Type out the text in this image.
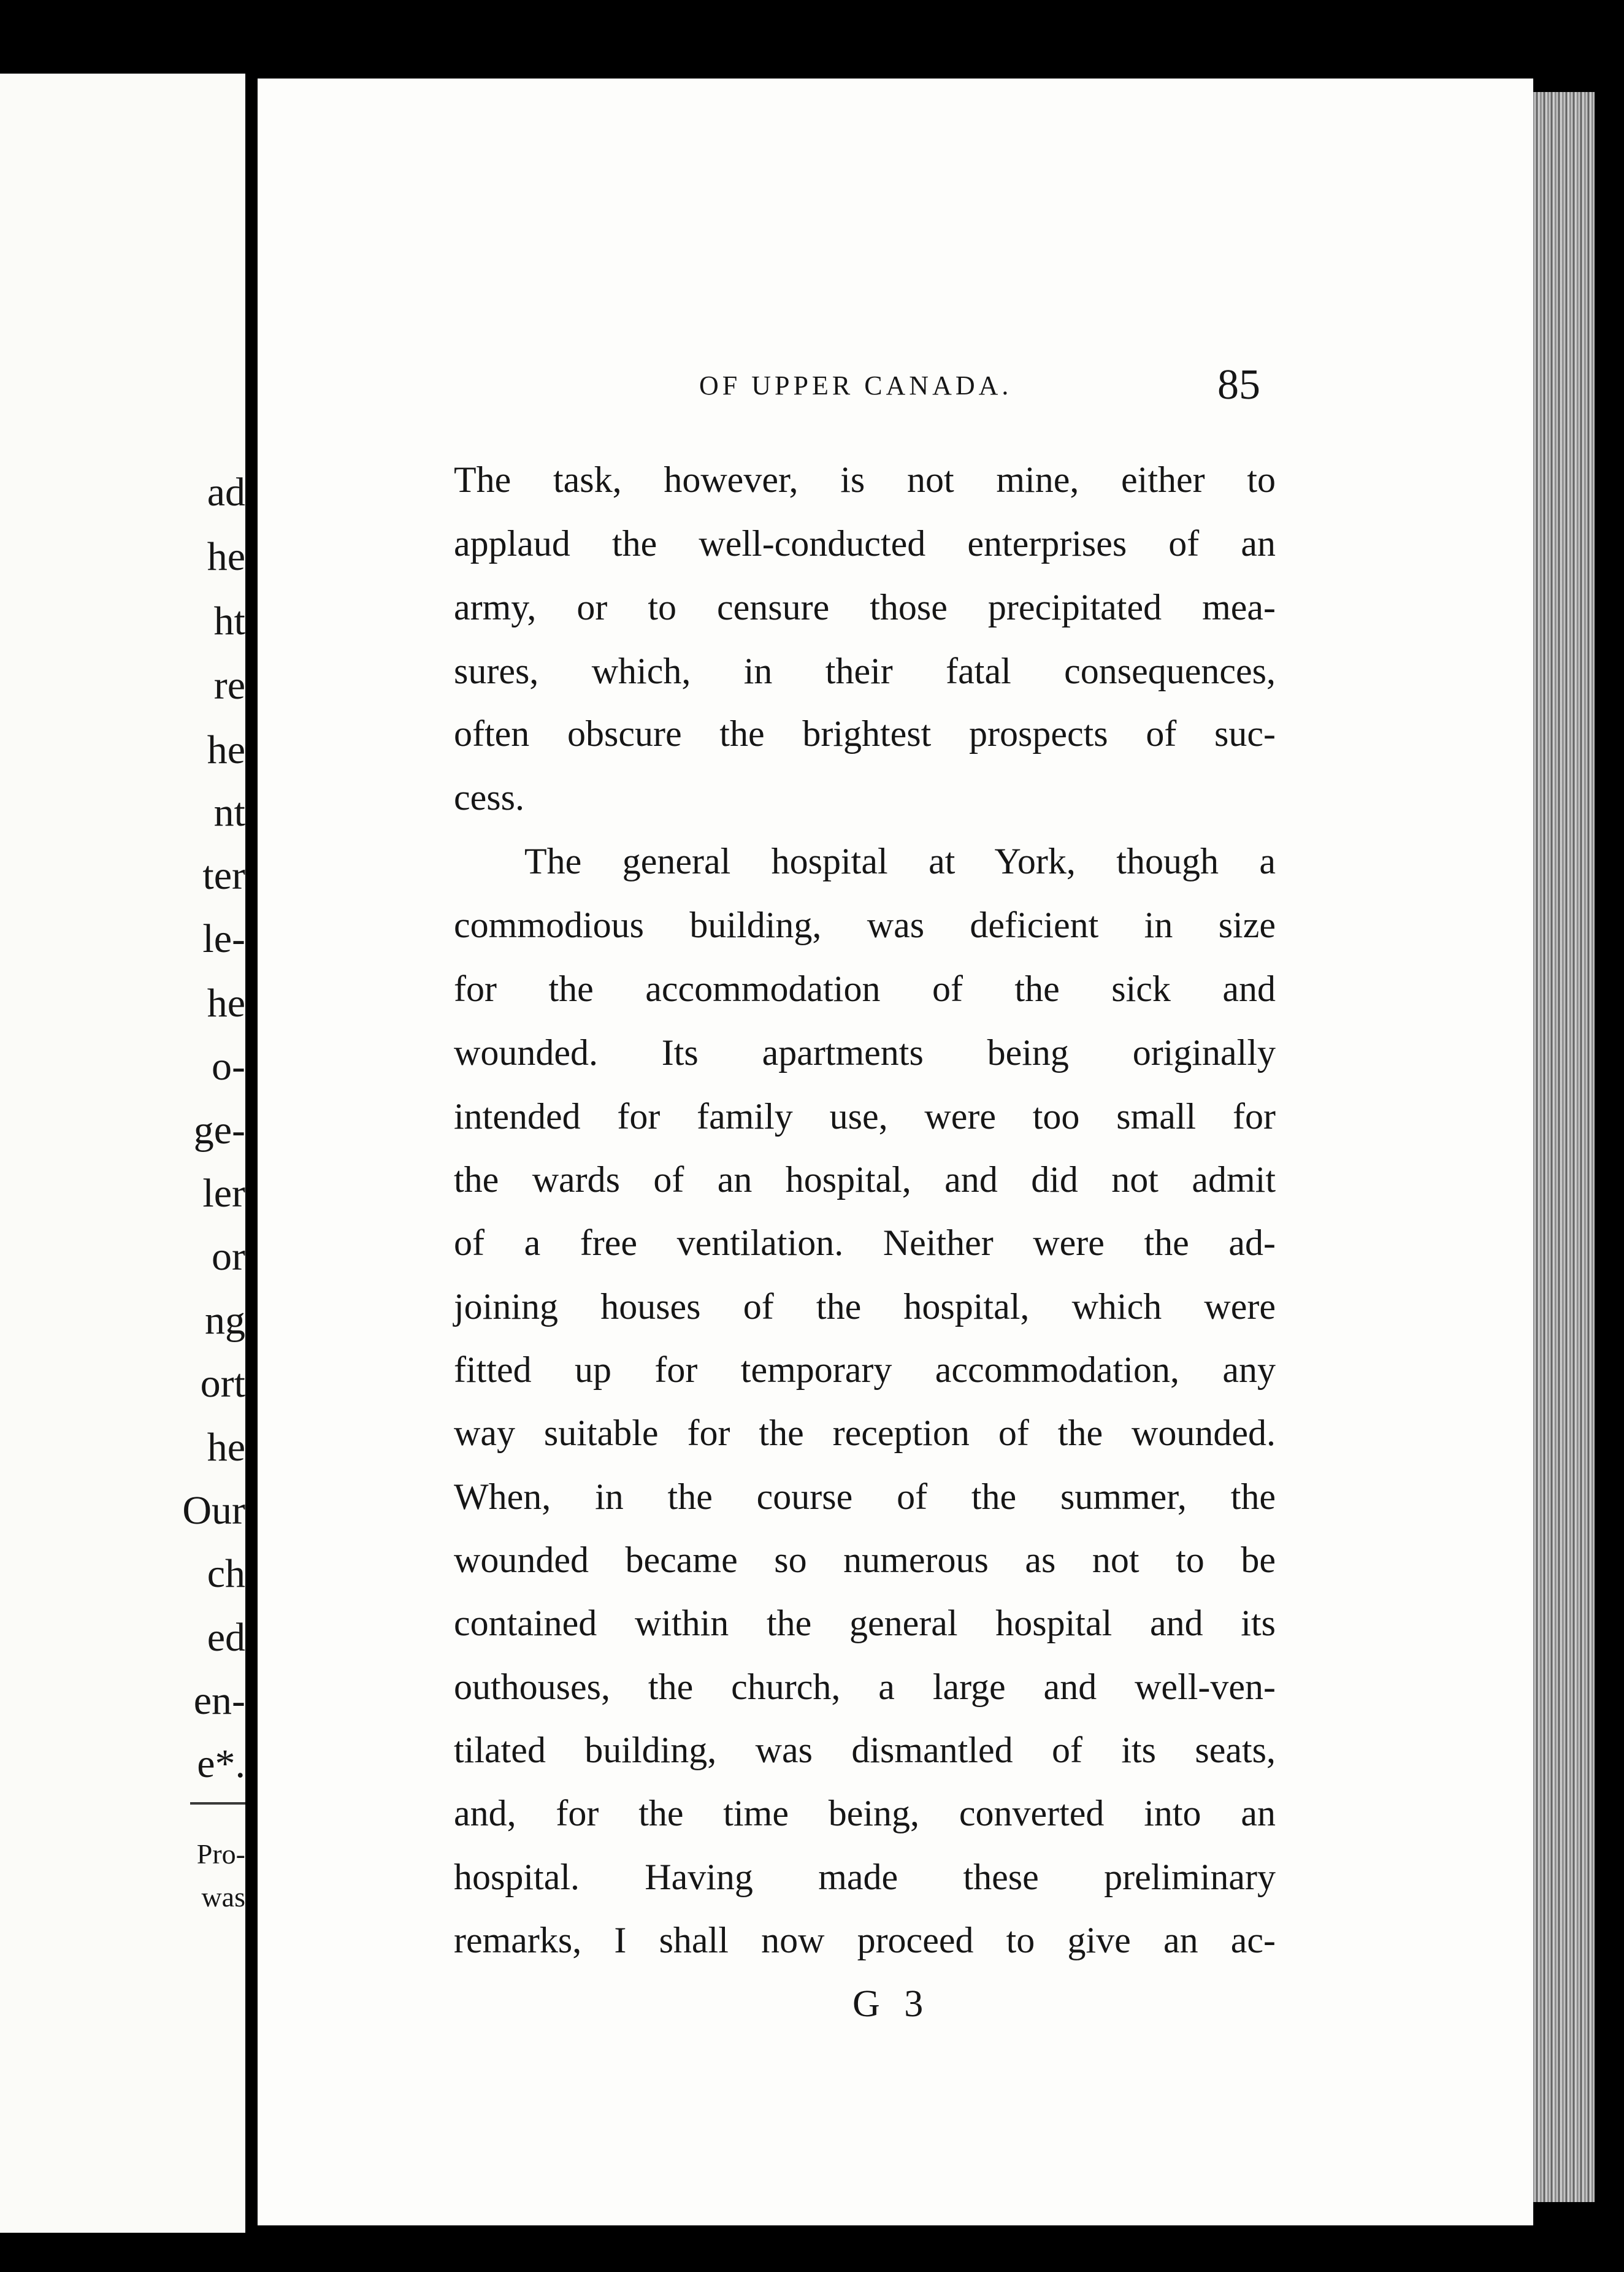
ad
he
ht
re
he
nt
ter
le-
he
o-
ge-
ler
or
ng
ort
he
Our
ch
ed
en-
e*.
Pro-
was
OF UPPER CANADA.	85
The task, however, is not mine, either to
applaud the well-conducted enterprises of an
army, or to censure those precipitated mea-
sures, which, in their fatal consequences,
often obscure the brightest prospects of suc-
cess.
The general hospital at York, though a
commodious building, was deficient in size
for the accommodation of the sick and
wounded. Its apartments being originally
intended for family use, were too small for
the wards of an hospital, and did not admit
of a free ventilation. Neither were the ad-
joining houses of the hospital, which were
fitted up for temporary accommodation, any
way suitable for the reception of the wounded.
When, in the course of the summer, the
wounded became so numerous as not to be
contained within the general hospital and its
outhouses, the church, a large and well-ven-
tilated building, was dismantled of its seats,
and, for the time being, converted into an
hospital. Having made these preliminary
remarks, I shall now proceed to give an ac-
G 3
